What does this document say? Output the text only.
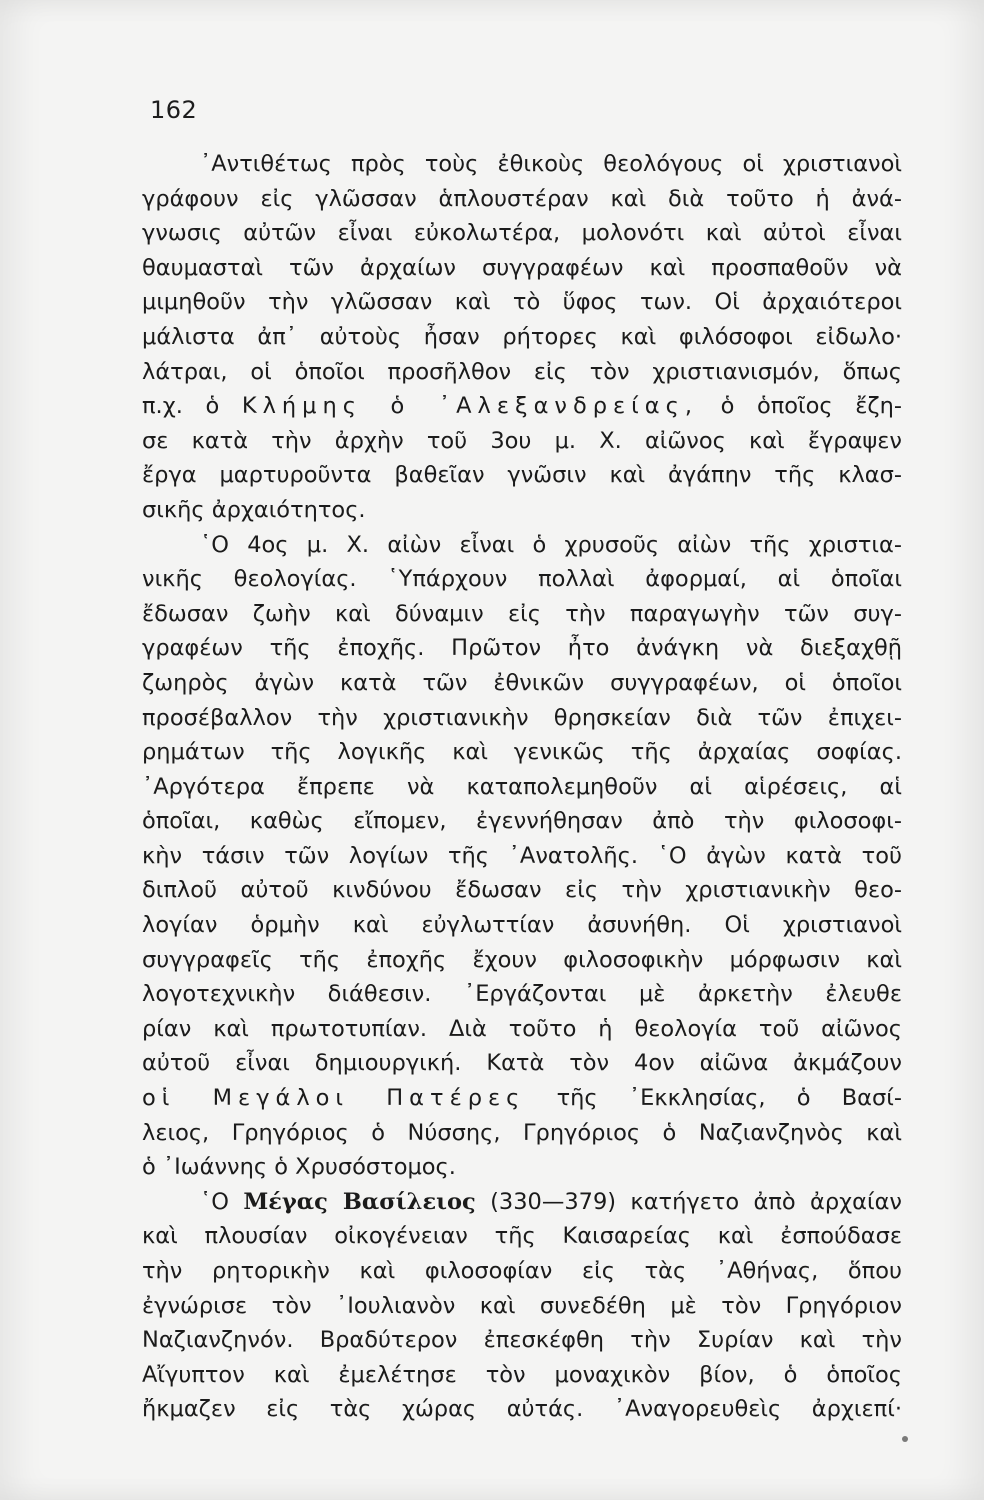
162
᾿Αντιθέτως πρὸς τοὺς ἐθικοὺς θεολόγους οἱ χριστιανοὶ
γράφουν εἰς γλῶσσαν ἁπλουστέραν καὶ διὰ τοῦτο ἡ ἀνά-
γνωσις αὐτῶν εἶναι εὐκολωτέρα, μολονότι καὶ αὐτοὶ εἶναι
θαυμασταὶ τῶν ἀρχαίων συγγραφέων καὶ προσπαθοῦν νὰ
μιμηθοῦν τὴν γλῶσσαν καὶ τὸ ὕφος των. Οἱ ἀρχαιότεροι
μάλιστα ἀπ᾿ αὐτοὺς ἦσαν ρήτορες καὶ φιλόσοφοι εἰδωλο·
λάτραι, οἱ ὁποῖοι προσῆλθον εἰς τὸν χριστιανισμόν, ὅπως
π.χ. ὁ Κλήμης ὁ ᾿Αλεξανδρείας, ὁ ὁποῖος ἔζη-
σε κατὰ τὴν ἀρχὴν τοῦ 3ου μ. Χ. αἰῶνος καὶ ἔγραψεν
ἔργα μαρτυροῦντα βαθεῖαν γνῶσιν καὶ ἀγάπην τῆς κλασ-
σικῆς ἀρχαιότητος.
῾Ο 4ος μ. Χ. αἰὼν εἶναι ὁ χρυσοῦς αἰὼν τῆς χριστια-
νικῆς θεολογίας. ῾Υπάρχουν πολλαὶ ἀφορμαί, αἱ ὁποῖαι
ἔδωσαν ζωὴν καὶ δύναμιν εἰς τὴν παραγωγὴν τῶν συγ-
γραφέων τῆς ἐποχῆς. Πρῶτον ἦτο ἀνάγκη νὰ διεξαχθῇ
ζωηρὸς ἀγὼν κατὰ τῶν ἐθνικῶν συγγραφέων, οἱ ὁποῖοι
προσέβαλλον τὴν χριστιανικὴν θρησκείαν διὰ τῶν ἐπιχει-
ρημάτων τῆς λογικῆς καὶ γενικῶς τῆς ἀρχαίας σοφίας.
᾿Αργότερα ἔπρεπε νὰ καταπολεμηθοῦν αἱ αἱρέσεις, αἱ
ὁποῖαι, καθὼς εἴπομεν, ἐγεννήθησαν ἀπὸ τὴν φιλοσοφι-
κὴν τάσιν τῶν λογίων τῆς ᾿Ανατολῆς. ῾Ο ἀγὼν κατὰ τοῦ
διπλοῦ αὐτοῦ κινδύνου ἔδωσαν εἰς τὴν χριστιανικὴν θεο-
λογίαν ὁρμὴν καὶ εὐγλωττίαν ἀσυνήθη. Οἱ χριστιανοὶ
συγγραφεῖς τῆς ἐποχῆς ἔχουν φιλοσοφικὴν μόρφωσιν καὶ
λογοτεχνικὴν διάθεσιν. ᾿Εργάζονται μὲ ἀρκετὴν ἐλευθε
ρίαν καὶ πρωτοτυπίαν. Διὰ τοῦτο ἡ θεολογία τοῦ αἰῶνος
αὐτοῦ εἶναι δημιουργική. Κατὰ τὸν 4ον αἰῶνα ἀκμάζουν
οἱ Μεγάλοι Πατέρες τῆς ᾿Εκκλησίας, ὁ Βασί-
λειος, Γρηγόριος ὁ Νύσσης, Γρηγόριος ὁ Ναζιανζηνὸς καὶ
ὁ ᾿Ιωάννης ὁ Χρυσόστομος.
῾Ο Μέγας Βασίλειος (330—379) κατήγετο ἀπὸ ἀρχαίαν
καὶ πλουσίαν οἰκογένειαν τῆς Καισαρείας καὶ ἐσπούδασε
τὴν ρητορικὴν καὶ φιλοσοφίαν εἰς τὰς ᾿Αθήνας, ὅπου
ἐγνώρισε τὸν ᾿Ιουλιανὸν καὶ συνεδέθη μὲ τὸν Γρηγόριον
Ναζιανζηνόν. Βραδύτερον ἐπεσκέφθη τὴν Συρίαν καὶ τὴν
Αἴγυπτον καὶ ἐμελέτησε τὸν μοναχικὸν βίον, ὁ ὁποῖος
ἤκμαζεν εἰς τὰς χώρας αὐτάς. ᾿Αναγορευθεὶς ἀρχιεπί·
